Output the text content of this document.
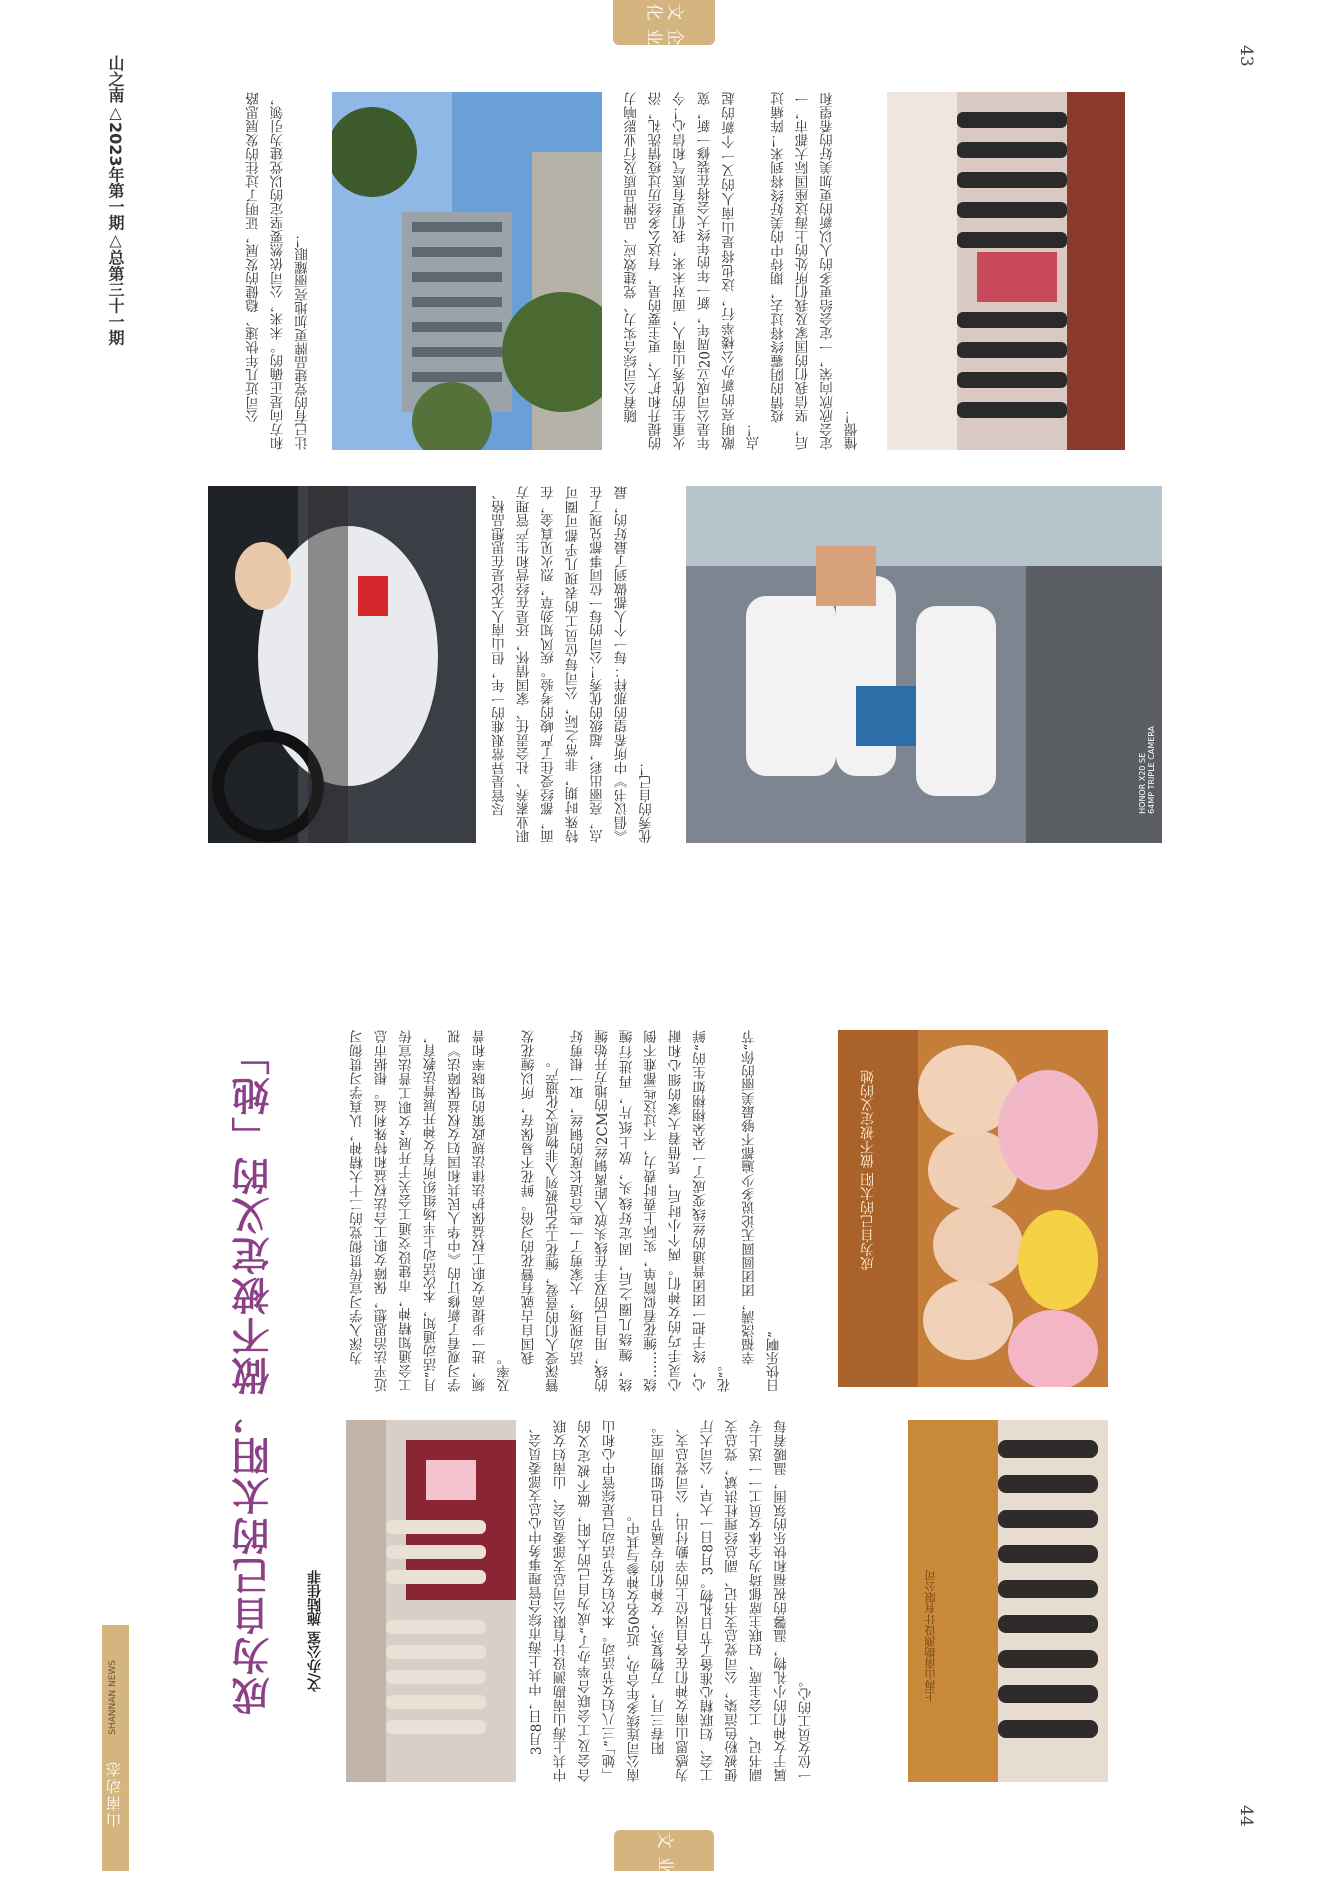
山南动态
SHANNAN NEWS
企业文化
企业文化
43
44
山之南△2023年第一期△总第三十一期
HONOR X20 SE
64MP TRIPLE CAMERA

公司近几年快速、稳健的发展，证明了过往的发展思路和方向是正确的。未来，公司依然要坚定的以党建为引领，让已有的党建品牌更加地亮丽耀眼！	随着公司综合实力、党建效应、品牌品质及行业影响力的提升和扩大，更主要的是，有这么多经历过疫情洗礼，浴火重生的优秀山南人，面对未来，我们更有底气和信心！今年是公司成立20周年，新一年的年终大会将在装修一新，宽敞明亮的新办公楼举行，这也将是山南人的又一个新的起点！

疫情的阴霾终将过去，期待中的美好终将到来！阵痛过后，坚信我们的国家及我们所处的上海这座国际大都市，一定会欣欣向荣，一定会给更多的人以新的更加美好的希望和憧憬！

尽管是异常艰难的一年，但山南人无论是在思想品格、职业素养、社会责任、家国情怀，还是在经营和生产管理方面，都经受住了严峻的考验。疾风知劲草，烈火见真金，在特殊时期，非常之际，公司每位员工的表现几乎都可圈可点，亮丽出彩，超级的优秀！公司的每一位同事都兑现了在《倡议书》中所希望的那样：每一个人都做到了最好的，最优秀的自己！

成为自己的太阳，做不被定义的「她」	文/办公室 施陆佳菲	上海山南勘测设计有限公司
成为自己的太阳 做不被定义的她

3月8日，中共上海市综合管理事务中心总支部委员会、中共上海山南勘测设计有限公司总支部委员会、山南妇女联合会及工会联合举办了“成为自己的太阳，做不被定义的「她」”三八妇女节活动。本次妇女节活动已是综管中心和山南公司连续多年合办，近50名女神参与其中。 阳春三月，万物复苏，女神们的专属节日也如期而至。为感恩山南女神们在各自岗位上的辛勤付出，公司党总支、工会、妇联精心准备了节日礼物。3月8日一大早，公司大厅便被粉色渲染，公司党总支书记、副总经理杜洪斌，党总支副书记、工会主席、妇联主席郁琦为全体女员工一一送上专属于女神们的小礼物，温馨的祝福和快乐的氛围，温暖着每一位女员工的心。

为深入学习宣传贯彻党的二十大精神，认真学习贯彻习近平法治思想，保障女职工合法权益和特殊利益。根据市总工会通知精神，市建设交通工会关于开展“女职工普法宣传月”活动通知，本次活动上半场组织所有女神开展普法教育，学习观看了新修订的《中华人民共和国妇女权益保障法》视频，进一步提高女职工权益保护法律法规政策的知晓率和普及率。

我国自古就有簪花的习俗。鲜花不易保存，所以缠花发簪深受人们的喜爱，缠花工艺也被列入非物质文化遗产。 活动现场，大家剪了一些合适长度的铜丝，取一根剪好的线，用自己的双手在线头放入距离铜丝2CM的地方开始缠绕，缠绕几圈之后，固定好线头，放上纸片，再进行缠绕……缠花看似简单，实际上费时费力，不过这些都难不倒心灵手巧的女神们。两个小时后，凭借着大家的细心和耐心，终于把一团团普通的丝线变成了一朵朵栩栩如生的“鲜花”。

幸福浇满，团团圆圆无论说多少遍都不够最美丽的你“节日快乐啊”
